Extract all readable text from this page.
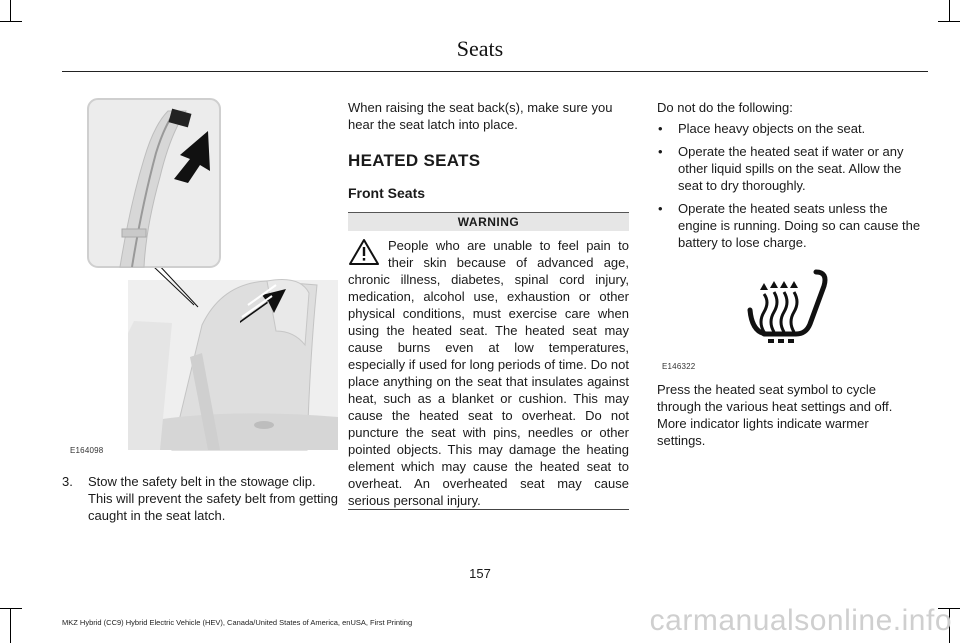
Seats
E164098
3. Stow the safety belt in the stowage clip. This will prevent the safety belt from getting caught in the seat latch.
When raising the seat back(s), make sure you hear the seat latch into place.
HEATED SEATS
Front Seats
WARNING
People who are unable to feel pain to their skin because of advanced age, chronic illness, diabetes, spinal cord injury, medication, alcohol use, exhaustion or other physical conditions, must exercise care when using the heated seat. The heated seat may cause burns even at low temperatures, especially if used for long periods of time. Do not place anything on the seat that insulates against heat, such as a blanket or cushion. This may cause the heated seat to overheat. Do not puncture the seat with pins, needles or other pointed objects. This may damage the heating element which may cause the heated seat to overheat. An overheated seat may cause serious personal injury.
Do not do the following:
• Place heavy objects on the seat.
• Operate the heated seat if water or any other liquid spills on the seat. Allow the seat to dry thoroughly.
• Operate the heated seats unless the engine is running. Doing so can cause the battery to lose charge.
E146322
Press the heated seat symbol to cycle through the various heat settings and off. More indicator lights indicate warmer settings.
157
MKZ Hybrid (CC9) Hybrid Electric Vehicle (HEV), Canada/United States of America, enUSA, First Printing	carmanualsonline.info
